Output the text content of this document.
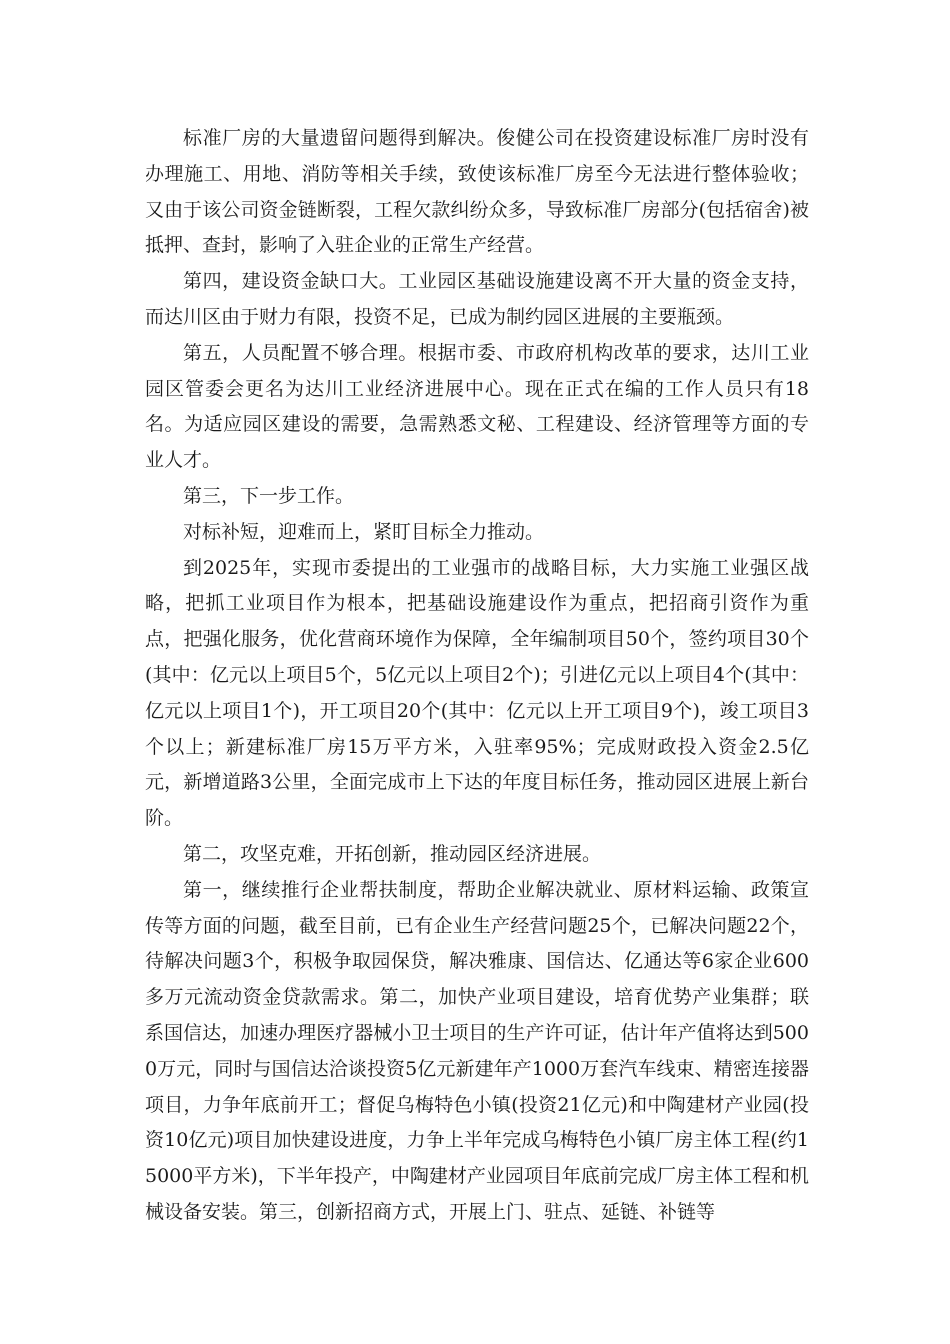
标准厂房的大量遗留问题得到解决。俊健公司在投资建设标准厂房时没有办理施工、用地、消防等相关手续，致使该标准厂房至今无法进行整体验收；又由于该公司资金链断裂，工程欠款纠纷众多，导致标准厂房部分(包括宿舍)被抵押、查封，影响了入驻企业的正常生产经营。

第四，建设资金缺口大。工业园区基础设施建设离不开大量的资金支持，而达川区由于财力有限，投资不足，已成为制约园区进展的主要瓶颈。

第五，人员配置不够合理。根据市委、市政府机构改革的要求，达川工业园区管委会更名为达川工业经济进展中心。现在正式在编的工作人员只有18名。为适应园区建设的需要，急需熟悉文秘、工程建设、经济管理等方面的专业人才。

第三，下一步工作。

对标补短，迎难而上，紧盯目标全力推动。

到2025年，实现市委提出的工业强市的战略目标，大力实施工业强区战略，把抓工业项目作为根本，把基础设施建设作为重点，把招商引资作为重点，把强化服务，优化营商环境作为保障，全年编制项目50个，签约项目30个(其中：亿元以上项目5个，5亿元以上项目2个)；引进亿元以上项目4个(其中：亿元以上项目1个)，开工项目20个(其中：亿元以上开工项目9个)，竣工项目3个以上；新建标准厂房15万平方米，入驻率95%；完成财政投入资金2.5亿元，新增道路3公里，全面完成市上下达的年度目标任务，推动园区进展上新台阶。

第二，攻坚克难，开拓创新，推动园区经济进展。

第一，继续推行企业帮扶制度，帮助企业解决就业、原材料运输、政策宣传等方面的问题，截至目前，已有企业生产经营问题25个，已解决问题22个，待解决问题3个，积极争取园保贷，解决雅康、国信达、亿通达等6家企业600多万元流动资金贷款需求。第二，加快产业项目建设，培育优势产业集群；联系国信达，加速办理医疗器械小卫士项目的生产许可证，估计年产值将达到5000万元，同时与国信达洽谈投资5亿元新建年产1000万套汽车线束、精密连接器项目，力争年底前开工；督促乌梅特色小镇(投资21亿元)和中陶建材产业园(投资10亿元)项目加快建设进度，力争上半年完成乌梅特色小镇厂房主体工程(约15000平方米)，下半年投产，中陶建材产业园项目年底前完成厂房主体工程和机械设备安装。第三，创新招商方式，开展上门、驻点、延链、补链等
